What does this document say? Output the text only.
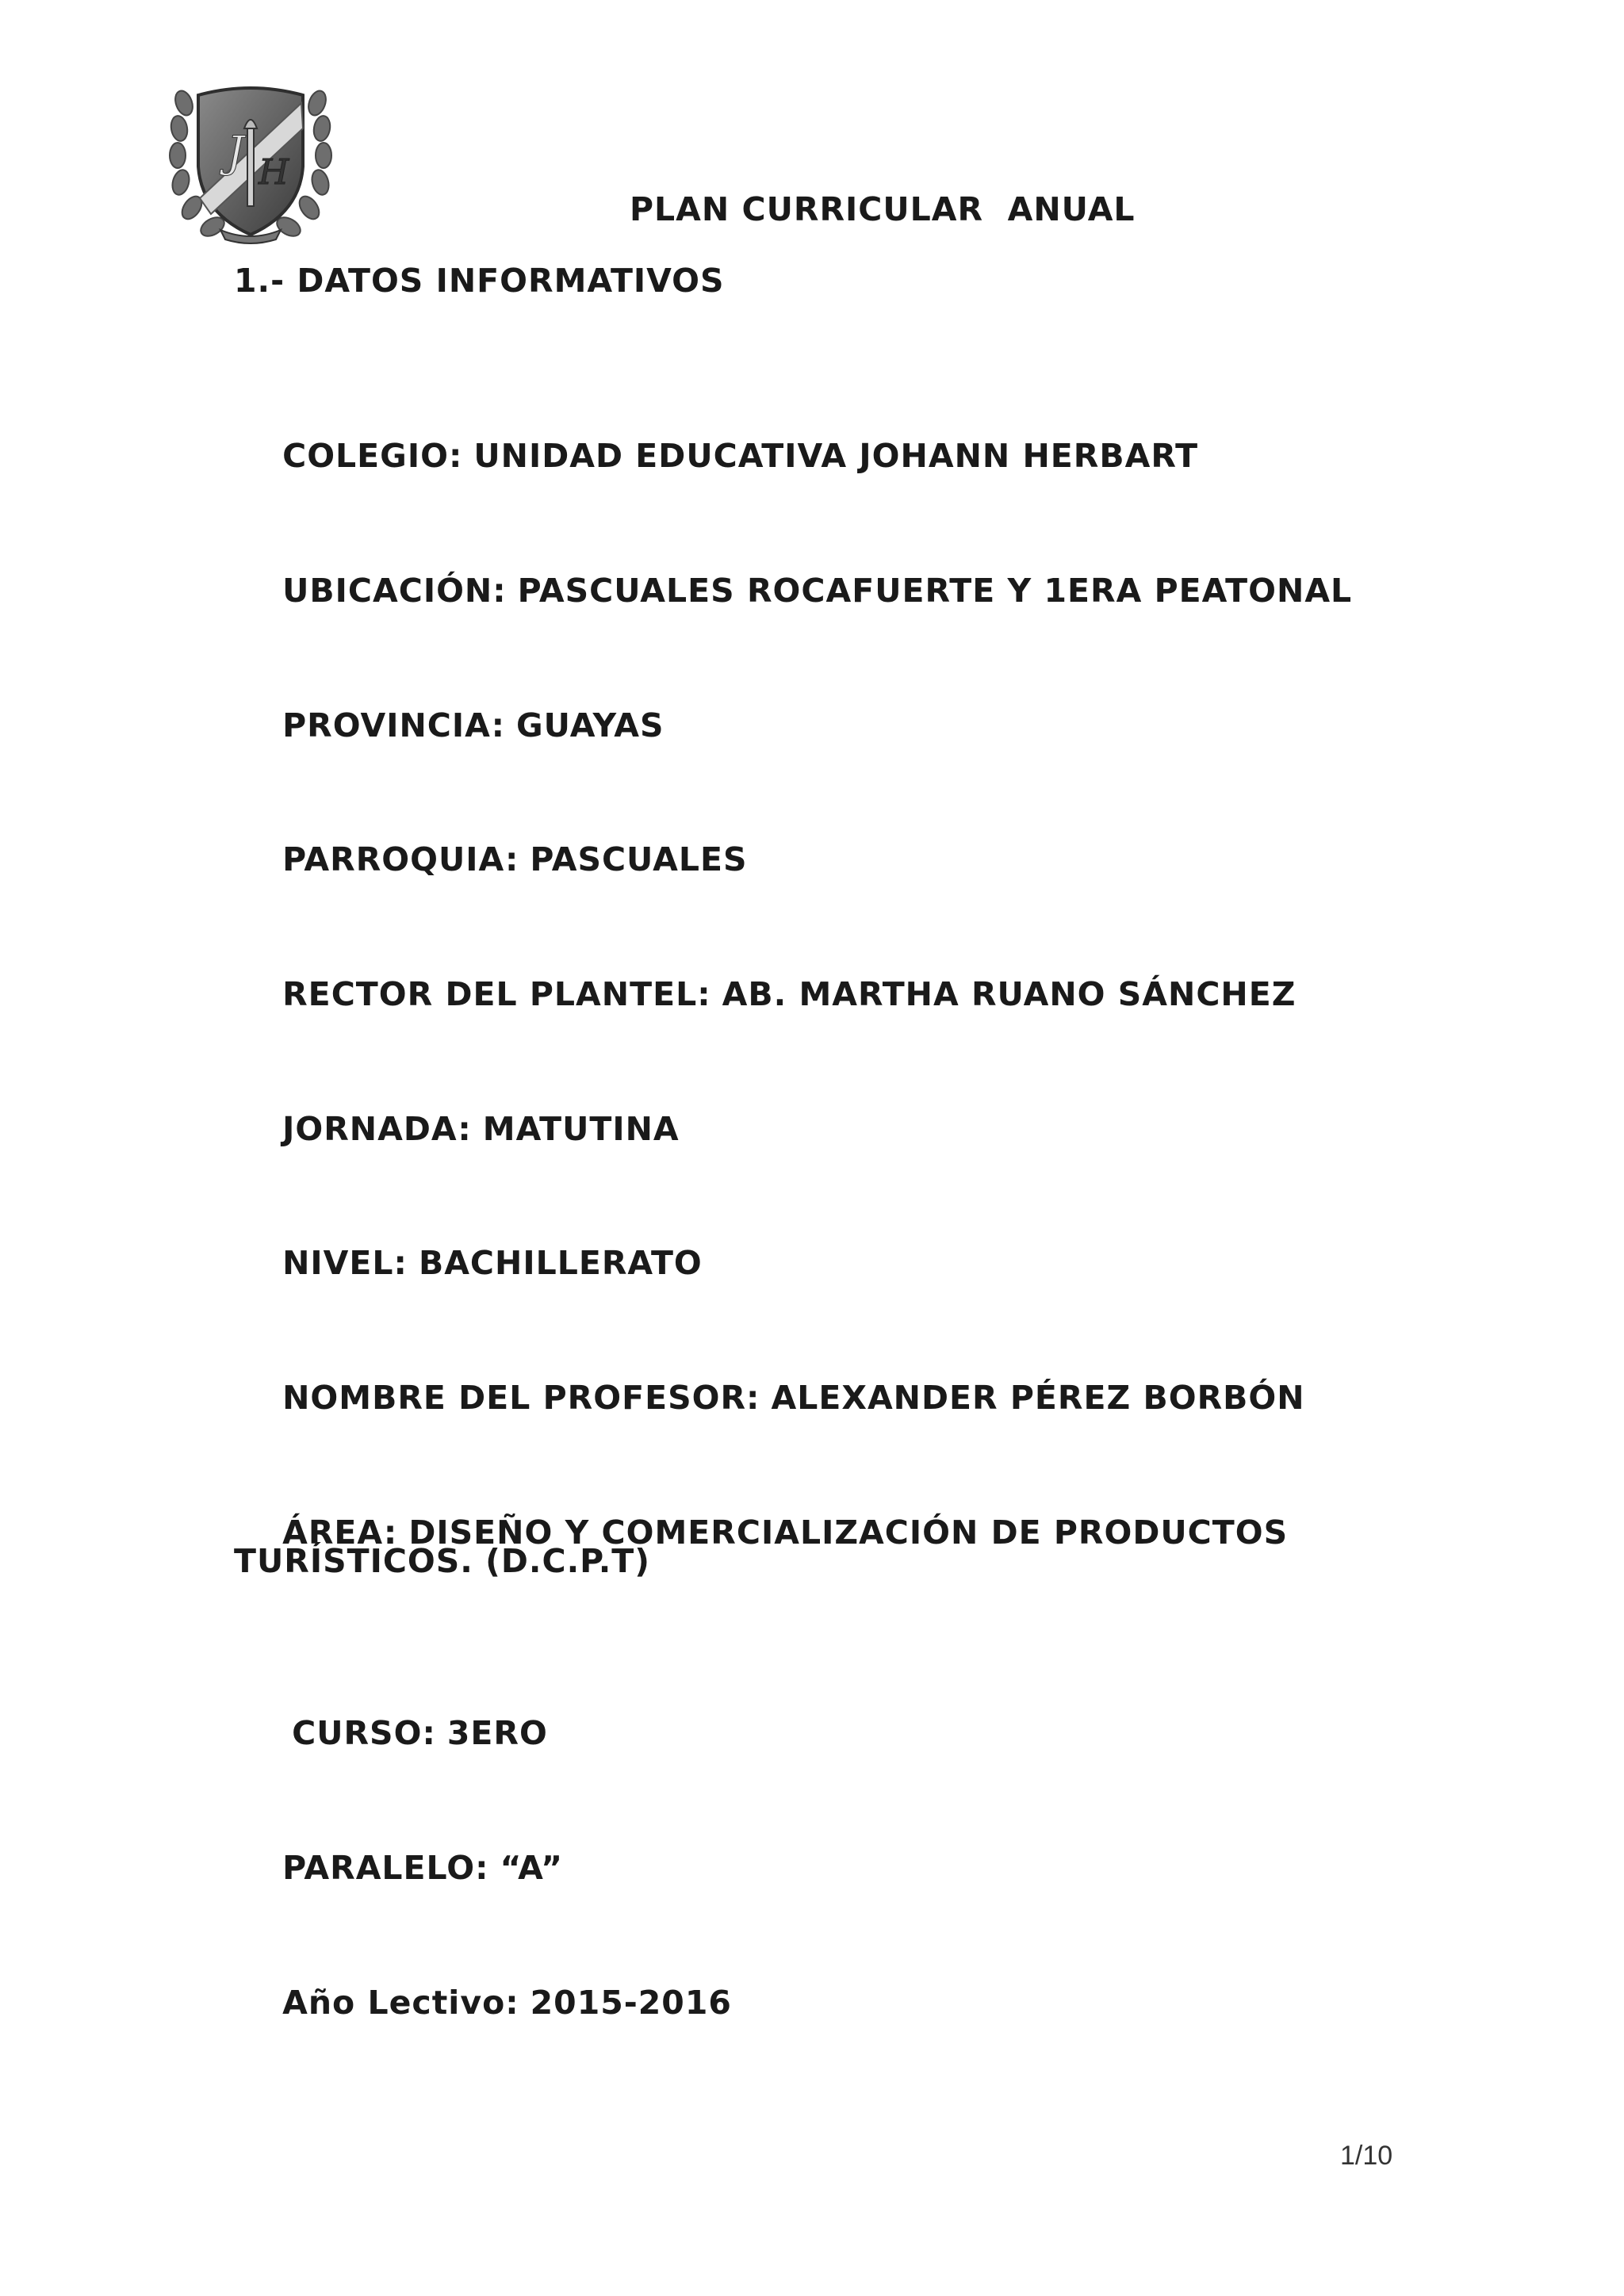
J H
PLAN CURRICULAR  ANUAL
1.- DATOS INFORMATIVOS

COLEGIO: UNIDAD EDUCATIVA JOHANN HERBART

UBICACIÓN: PASCUALES ROCAFUERTE Y 1ERA PEATONAL

PROVINCIA: GUAYAS

PARROQUIA: PASCUALES

RECTOR DEL PLANTEL: AB. MARTHA RUANO SÁNCHEZ

JORNADA: MATUTINA

NIVEL: BACHILLERATO

NOMBRE DEL PROFESOR: ALEXANDER PÉREZ BORBÓN

ÁREA: DISEÑO Y COMERCIALIZACIÓN DE PRODUCTOS

TURÍSTICOS. (D.C.P.T)

CURSO: 3ERO

PARALELO: “A”

Año Lectivo: 2015-2016

1/10
